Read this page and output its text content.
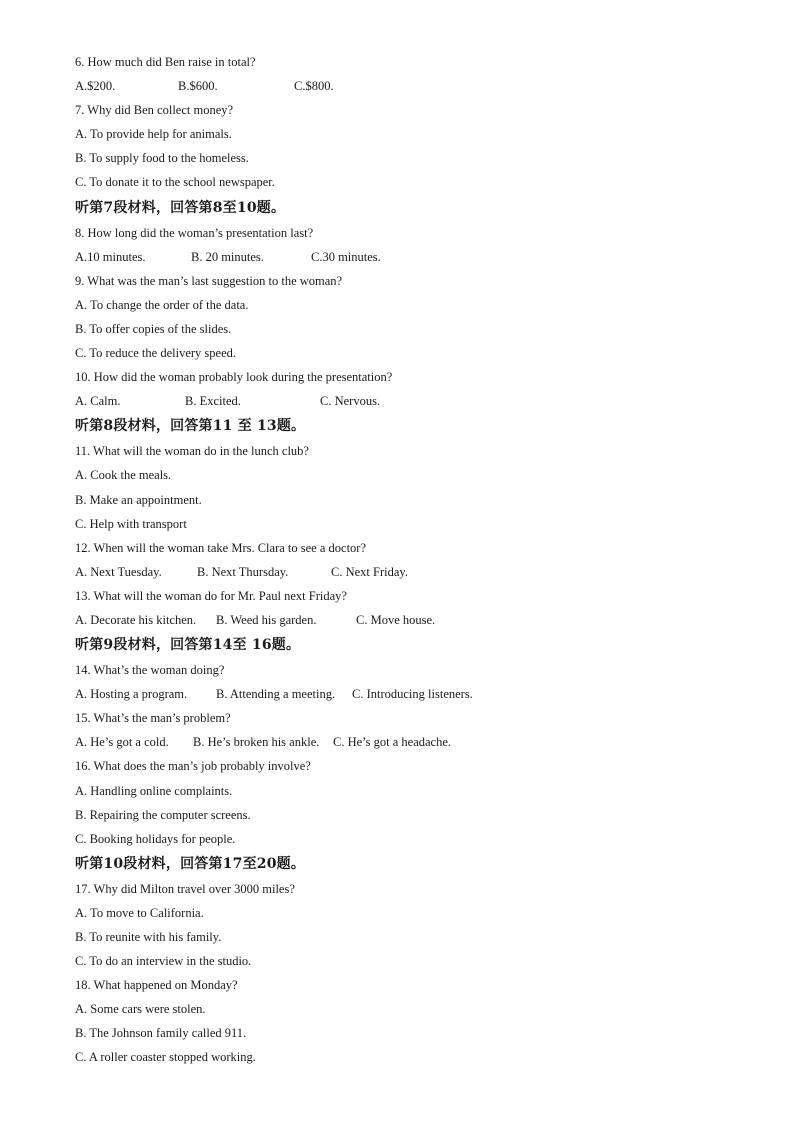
6. How much did Ben raise in total?
A.$200.	B.$600.	C.$800.
7. Why did Ben collect money?
A. To provide help for animals.
B. To supply food to the homeless.
C. To donate it to the school newspaper.
听第7段材料，回答第8至10题。
8. How long did the woman’s presentation last?
A.10 minutes.	B. 20 minutes.	C.30 minutes.
9. What was the man’s last suggestion to the woman?
A. To change the order of the data.
B. To offer copies of the slides.
C. To reduce the delivery speed.
10. How did the woman probably look during the presentation?
A. Calm.	B. Excited.	C. Nervous.
听第8段材料，回答第11 至 13题。
11. What will the woman do in the lunch club?
A. Cook the meals.
B. Make an appointment.
C. Help with transport
12. When will the woman take Mrs. Clara to see a doctor?
A. Next Tuesday.	B. Next Thursday.	C. Next Friday.
13. What will the woman do for Mr. Paul next Friday?
A. Decorate his kitchen.	B. Weed his garden.	C. Move house.
听第9段材料，回答第14至 16题。
14. What’s the woman doing?
A. Hosting a program.	B. Attending a meeting.	C. Introducing listeners.
15. What’s the man’s problem?
A. He’s got a cold.	B. He’s broken his ankle.	C. He’s got a headache.
16. What does the man’s job probably involve?
A. Handling online complaints.
B. Repairing the computer screens.
C. Booking holidays for people.
听第10段材料，回答第17至20题。
17. Why did Milton travel over 3000 miles?
A. To move to California.
B. To reunite with his family.
C. To do an interview in the studio.
18. What happened on Monday?
A. Some cars were stolen.
B. The Johnson family called 911.
C. A roller coaster stopped working.
